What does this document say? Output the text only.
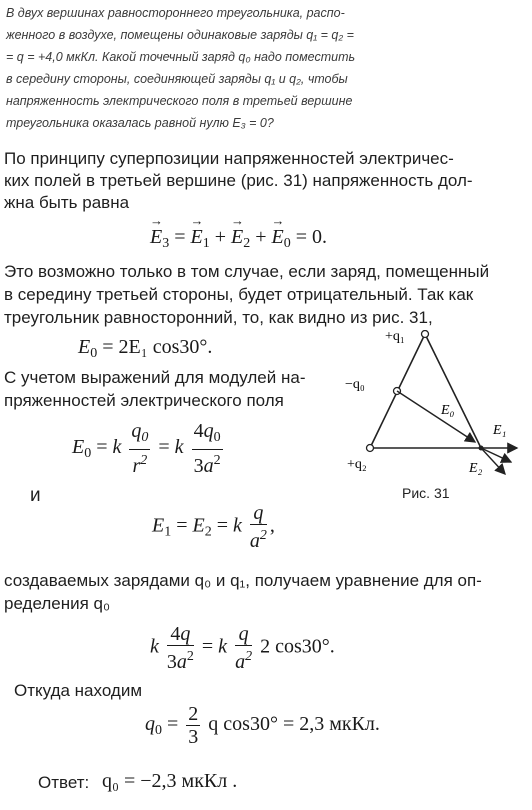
В двух вершинах равностороннего треугольника, распо-
женного в воздухе, помещены одинаковые заряды q₁ = q₂ =
= q = +4,0 мкКл. Какой точечный заряд q₀ надо поместить
в середину стороны, соединяющей заряды q₁ и q₂, чтобы
напряженность электрического поля в третьей вершине
треугольника оказалась равной нулю E₃ = 0?
По принципу суперпозиции напряженностей электричес-
ких полей в третьей вершине (рис. 31) напряженность дол-
жна быть равна
→ $E_3$ = → $E_1$ + → $E_2$ + → $E_0 = 0$.
Это возможно только в том случае, если заряд, помещенный
в середину третьей стороны, будет отрицательный. Так как
треугольник равносторонний, то, как видно из рис. 31,
$E_0 = 2E_1$ cos30°.
С учетом выражений для модулей на-
пряженностей электрического поля
$E_0 = k \frac{q_0}{r^2} = k \frac{4q_0}{3a^2}$
и
$E_1 = E_2 = k \frac{q}{a^2}$ ,
создаваемых зарядами q₀ и q₁, получаем уравнение для оп-
ределения q₀
k $\frac{4q}{3a^2} = k \frac{q}{a^2} 2$ cos30°.
Откуда находим
$q_0 = \frac{2}{3}$ q cos30° = 2,3 мкКл.
Ответ: q₀ = −2,3 мкКл .
+q₁
−q₀
+q₂
E₀
E₁
E₂
Рис. 31
